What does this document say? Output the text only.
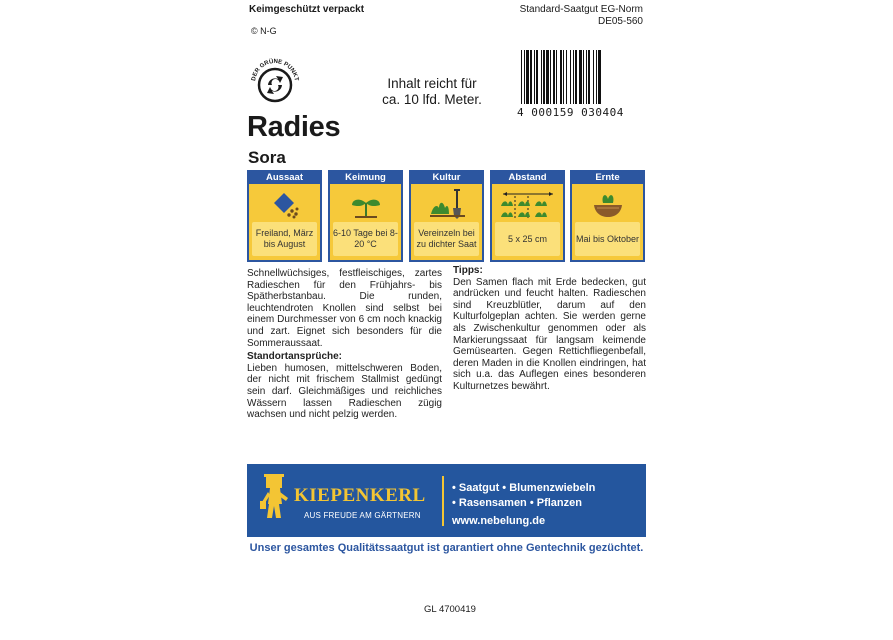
Keimgeschützt verpackt
© N-G
Standard-Saatgut EG-Norm
DE05-560
DER GRÜNE PUNKT	Inhalt reicht für
ca. 10 lfd. Meter.
4 000159 030404
Radies
Sora
Aussaat
Freiland, März bis August
Keimung
6-10 Tage bei 8-20 °C
Kultur
Vereinzeln bei zu dichter Saat
Abstand
5 x 25 cm
Ernte
Mai bis Oktober
Schnellwüchsiges, festfleischiges, zartes Radieschen für den Frühjahrs- bis Spätherbstanbau. Die runden, leuchtendroten Knollen sind selbst bei einem Durchmesser von 6 cm noch knackig und zart. Eignet sich besonders für die Sommeraussaat.
Standortansprüche:
Lieben humosen, mittelschweren Boden, der nicht mit frischem Stallmist gedüngt sein darf. Gleichmäßiges und reichliches Wässern lassen Radieschen zügig wachsen und nicht pelzig werden.
Tipps:
Den Samen flach mit Erde bedecken, gut andrücken und feucht halten. Radieschen sind Kreuzblütler, darum auf den Kulturfolgeplan achten. Sie werden gerne als Zwischenkultur genommen oder als Markierungssaat für langsam keimende Gemüsearten. Gegen Rettichfliegenbefall, deren Maden in die Knollen eindringen, hat sich u.a. das Auflegen eines besonderen Kulturnetzes bewährt.
KIEPENKERL
AUS FREUDE AM GÄRTNERN
• Saatgut • Blumenzwiebeln
• Rasensamen • Pflanzen
www.nebelung.de
Unser gesamtes Qualitätssaatgut ist garantiert ohne Gentechnik gezüchtet.
GL 4700419
